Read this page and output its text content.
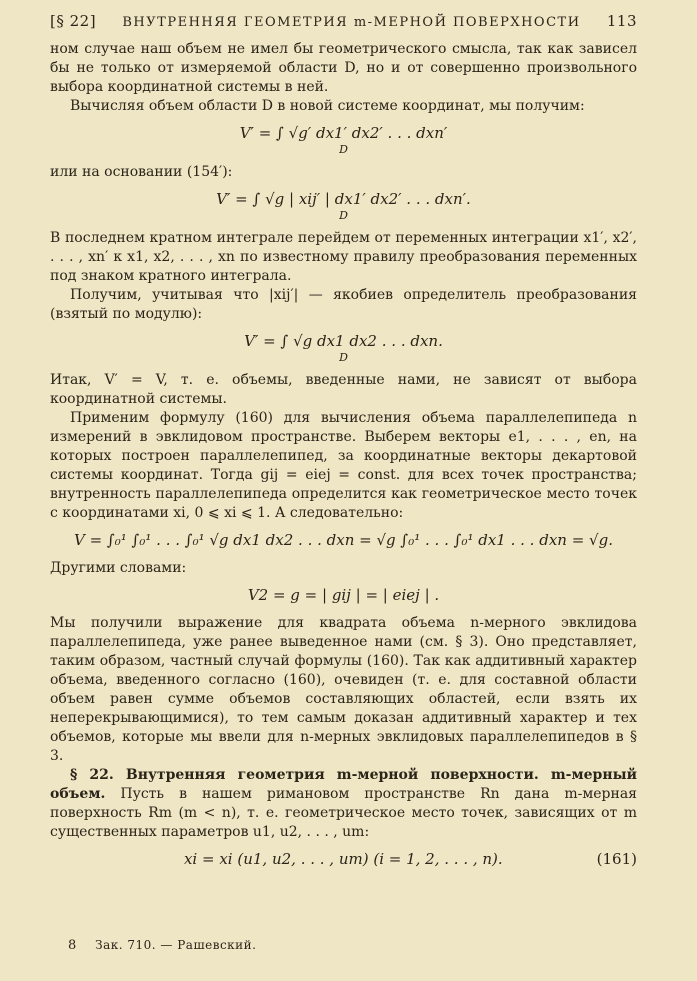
[§ 22] ВНУТРЕННЯЯ ГЕОМЕТРИЯ m-МЕРНОЙ ПОВЕРХНОСТИ 113

ном случае наш объем не имел бы геометрического смысла, так как зависел бы не только от измеряемой области D, но и от совершенно произвольного выбора координатной системы в ней.

Вычисляя объем области D в новой системе координат, мы получим:

V′ = ∫ √g′ dx1′ dx2′ . . . dxn′
D

или на основании (154′):

V′ = ∫ √g | xij′ | dx1′ dx2′ . . . dxn′.
D

В последнем кратном интеграле перейдем от переменных интеграции x1′, x2′, . . . , xn′ к x1, x2, . . . , xn по известному правилу преобразования переменных под знаком кратного интеграла.

Получим, учитывая что |xij′| — якобиев определитель преобразования (взятый по модулю):

V′ = ∫ √g dx1 dx2 . . . dxn.
D

Итак, V′ = V, т. е. объемы, введенные нами, не зависят от выбора координатной системы.

Применим формулу (160) для вычисления объема параллелепипеда n измерений в эвклидовом пространстве. Выберем векторы e1, . . . , en, на которых построен параллелепипед, за координатные векторы декартовой системы координат. Тогда gij = eiej = const. для всех точек пространства; внутренность параллелепипеда определится как геометрическое место точек с координатами xi, 0 ⩽ xi ⩽ 1. А следовательно:

V = ∫₀¹ ∫₀¹ . . . ∫₀¹ √g dx1 dx2 . . . dxn = √g ∫₀¹ . . . ∫₀¹ dx1 . . . dxn = √g.

Другими словами:

V2 = g = | gij | = | eiej | .

Мы получили выражение для квадрата объема n-мерного эвклидова параллелепипеда, уже ранее выведенное нами (см. § 3). Оно представляет, таким образом, частный случай формулы (160). Так как аддитивный характер объема, введенного согласно (160), очевиден (т. е. для составной области объем равен сумме объемов составляющих областей, если взять их неперекрывающимися), то тем самым доказан аддитивный характер и тех объемов, которые мы ввели для n-мерных эвклидовых параллелепипедов в § 3.

§ 22. Внутренняя геометрия m-мерной поверхности. m-мерный объем. Пусть в нашем римановом пространстве Rn дана m-мерная поверхность Rm (m < n), т. е. геометрическое место точек, зависящих от m существенных параметров u1, u2, . . . , um:

xi = xi (u1, u2, . . . , um) (i = 1, 2, . . . , n).	(161)
8 Зак. 710. — Рашевский.
